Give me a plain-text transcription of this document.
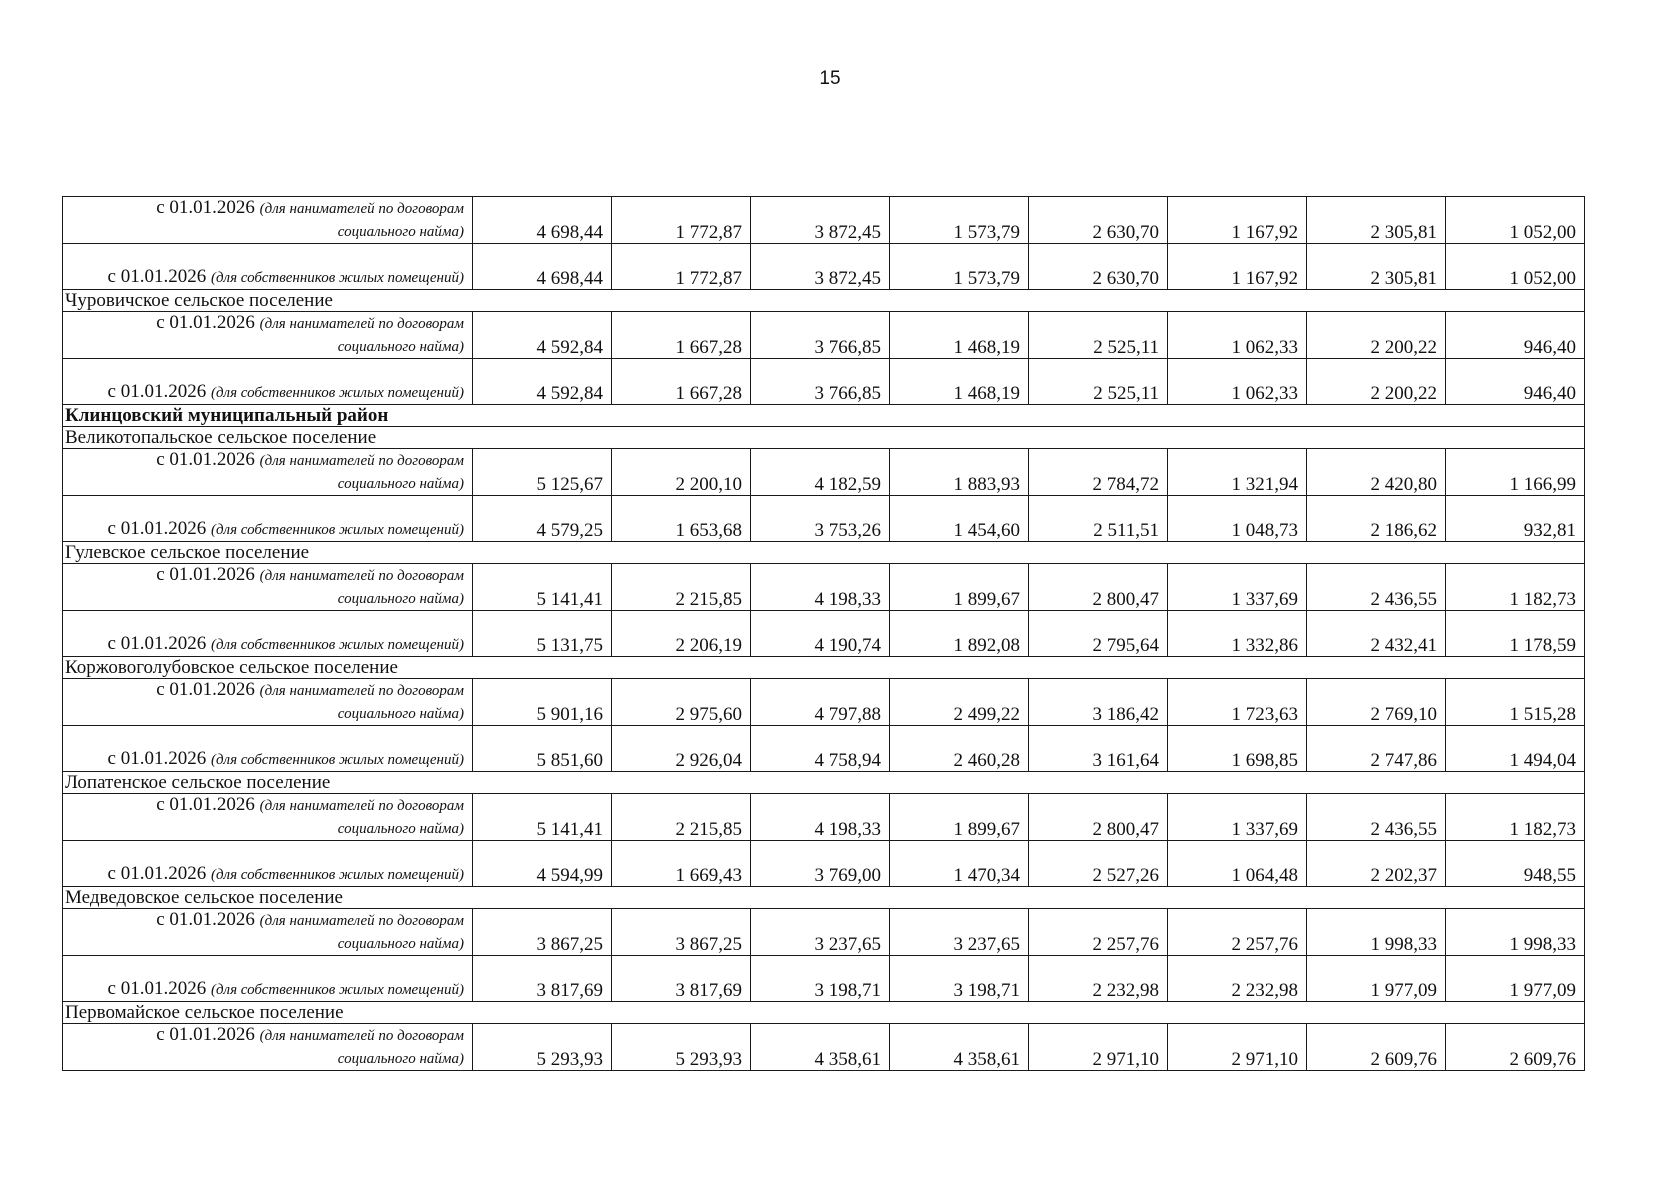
15
с 01.01.2026 (для нанимателей по договорам
социального найма)	4 698,44	1 772,87	3 872,45	1 573,79	2 630,70	1 167,92	2 305,81	1 052,00

с 01.01.2026 (для собственников жилых помещений)	4 698,44	1 772,87	3 872,45	1 573,79	2 630,70	1 167,92	2 305,81	1 052,00
Чуровичское сельское поселение								

с 01.01.2026 (для нанимателей по договорам
социального найма)	4 592,84	1 667,28	3 766,85	1 468,19	2 525,11	1 062,33	2 200,22	946,40

с 01.01.2026 (для собственников жилых помещений)	4 592,84	1 667,28	3 766,85	1 468,19	2 525,11	1 062,33	2 200,22	946,40
Клинцовский муниципальный район								
Великотопальское сельское поселение								

с 01.01.2026 (для нанимателей по договорам
социального найма)	5 125,67	2 200,10	4 182,59	1 883,93	2 784,72	1 321,94	2 420,80	1 166,99

с 01.01.2026 (для собственников жилых помещений)	4 579,25	1 653,68	3 753,26	1 454,60	2 511,51	1 048,73	2 186,62	932,81
Гулевское сельское поселение								

с 01.01.2026 (для нанимателей по договорам
социального найма)	5 141,41	2 215,85	4 198,33	1 899,67	2 800,47	1 337,69	2 436,55	1 182,73

с 01.01.2026 (для собственников жилых помещений)	5 131,75	2 206,19	4 190,74	1 892,08	2 795,64	1 332,86	2 432,41	1 178,59
Коржовоголубовское сельское поселение								

с 01.01.2026 (для нанимателей по договорам
социального найма)	5 901,16	2 975,60	4 797,88	2 499,22	3 186,42	1 723,63	2 769,10	1 515,28

с 01.01.2026 (для собственников жилых помещений)	5 851,60	2 926,04	4 758,94	2 460,28	3 161,64	1 698,85	2 747,86	1 494,04
Лопатенское сельское поселение								

с 01.01.2026 (для нанимателей по договорам
социального найма)	5 141,41	2 215,85	4 198,33	1 899,67	2 800,47	1 337,69	2 436,55	1 182,73

с 01.01.2026 (для собственников жилых помещений)	4 594,99	1 669,43	3 769,00	1 470,34	2 527,26	1 064,48	2 202,37	948,55
Медведовское сельское поселение								

с 01.01.2026 (для нанимателей по договорам
социального найма)	3 867,25	3 867,25	3 237,65	3 237,65	2 257,76	2 257,76	1 998,33	1 998,33

с 01.01.2026 (для собственников жилых помещений)	3 817,69	3 817,69	3 198,71	3 198,71	2 232,98	2 232,98	1 977,09	1 977,09
Первомайское сельское поселение								

с 01.01.2026 (для нанимателей по договорам
социального найма)	5 293,93	5 293,93	4 358,61	4 358,61	2 971,10	2 971,10	2 609,76	2 609,76
